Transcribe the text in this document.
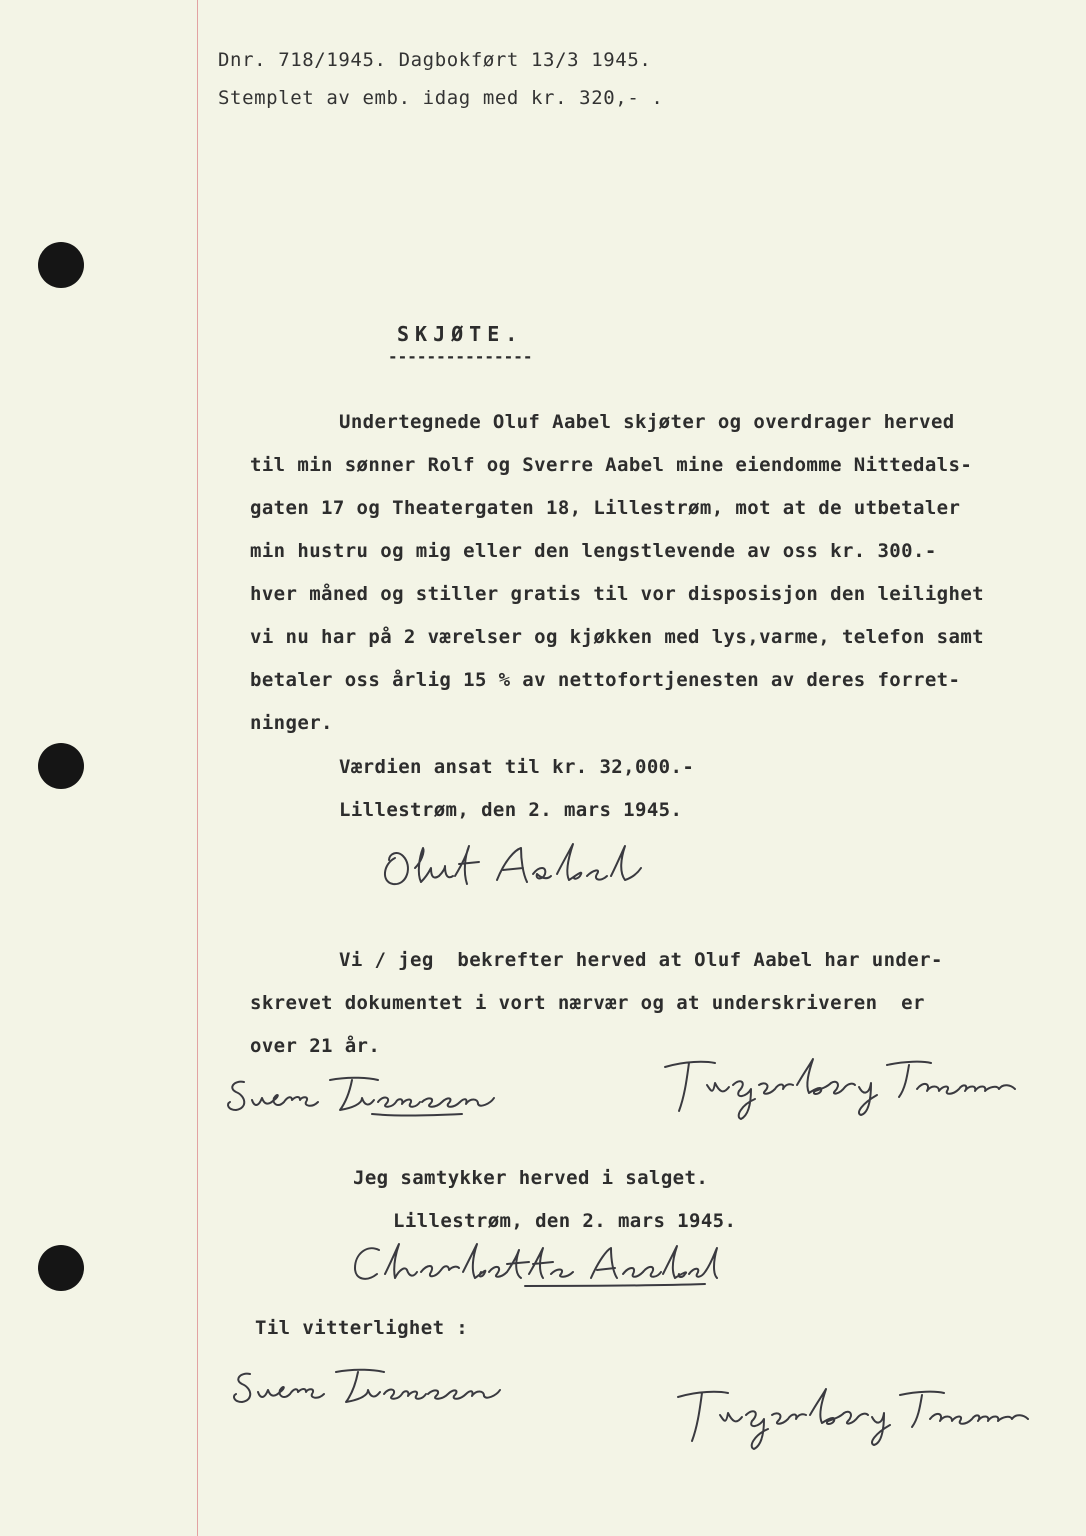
Dnr. 718/1945. Dagbokført 13/3 1945.
Stemplet av emb. idag med kr. 320,- .
SKJØTE.
---------------
Undertegnede Oluf Aabel skjøter og overdrager herved
til min sønner Rolf og Sverre Aabel mine eiendomme Nittedals-
gaten 17 og Theatergaten 18, Lillestrøm, mot at de utbetaler
min hustru og mig eller den lengstlevende av oss kr. 300.-
hver måned og stiller gratis til vor disposisjon den leilighet
vi nu har på 2 værelser og kjøkken med lys,varme, telefon samt
betaler oss årlig 15 % av nettofortjenesten av deres forret-
ninger.
Værdien ansat til kr. 32,000.-
Lillestrøm, den 2. mars 1945.
Vi / jeg  bekrefter herved at Oluf Aabel har under-
skrevet dokumentet i vort nærvær og at underskriveren  er
over 21 år.
Jeg samtykker herved i salget.
Lillestrøm, den 2. mars 1945.
Til vitterlighet :
